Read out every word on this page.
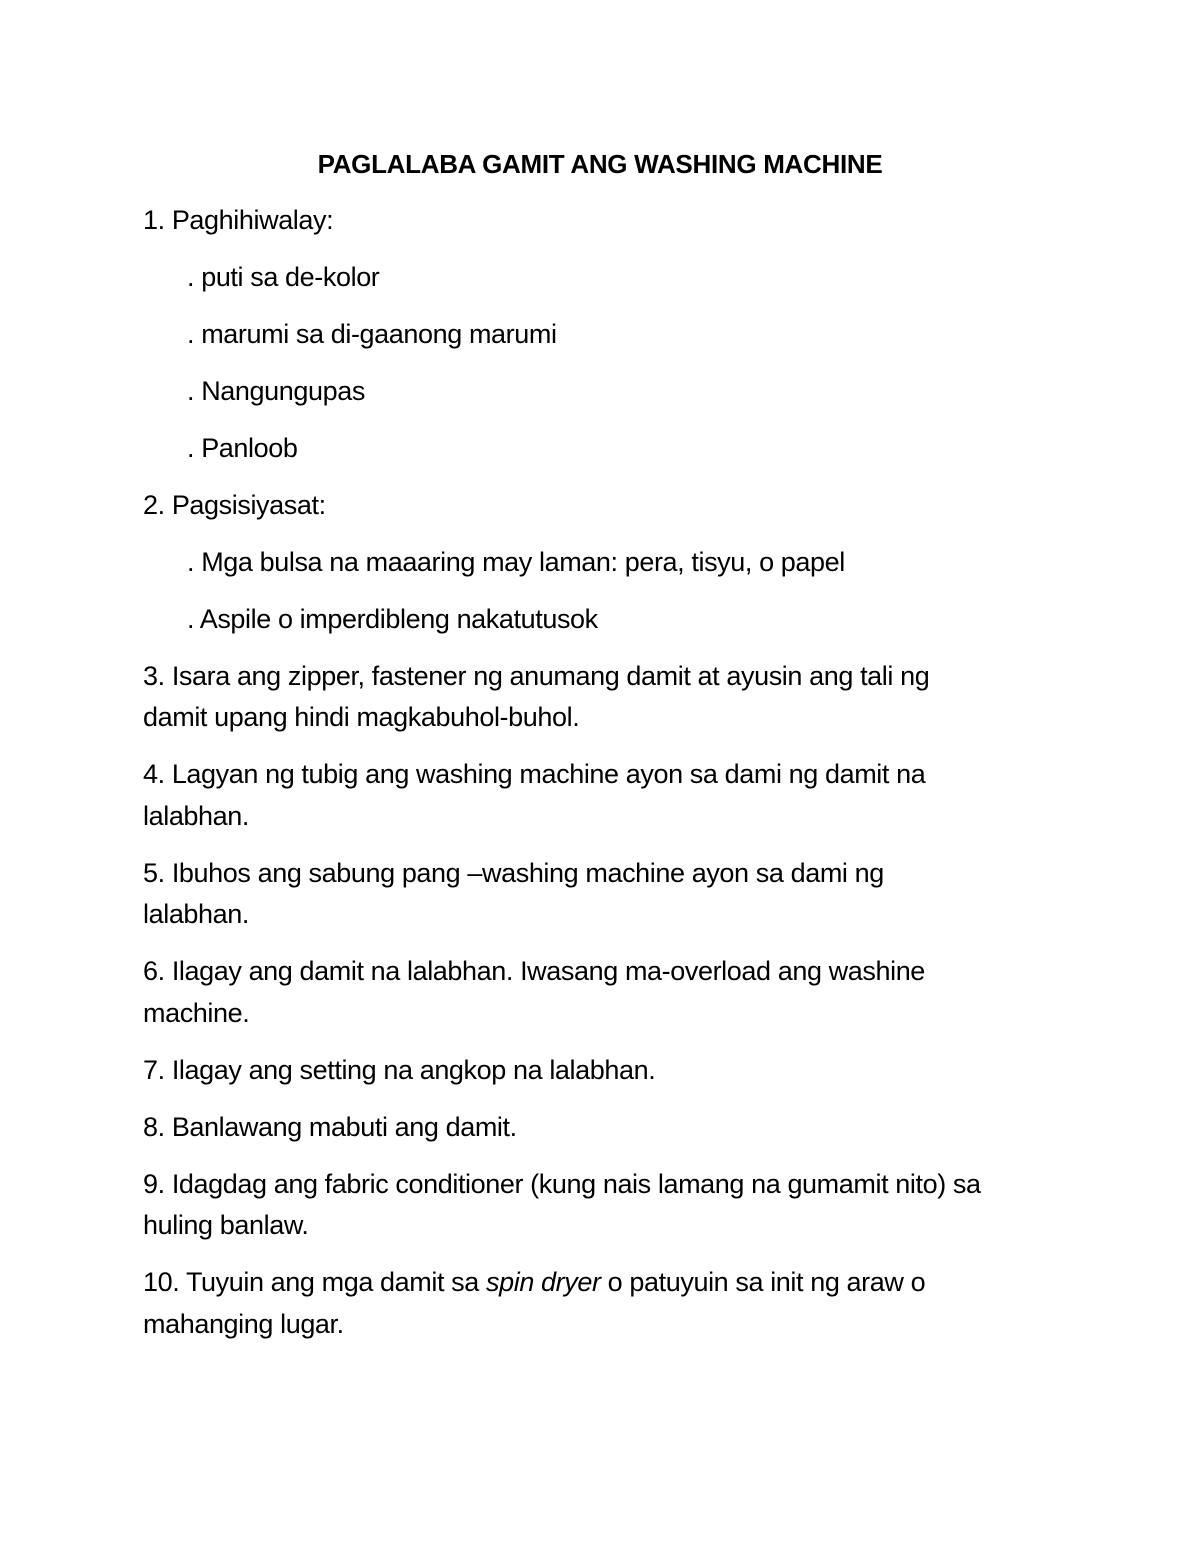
PAGLALABA GAMIT ANG WASHING MACHINE
1. Paghihiwalay:
. puti sa de-kolor
. marumi sa di-gaanong marumi
. Nangungupas
. Panloob
2. Pagsisiyasat:
. Mga bulsa na maaaring may laman: pera, tisyu, o papel
. Aspile o imperdibleng nakatutusok
3. Isara ang zipper, fastener ng anumang damit at ayusin ang tali ng
damit upang hindi magkabuhol-buhol.
4. Lagyan ng tubig ang washing machine ayon sa dami ng damit na
lalabhan.
5. Ibuhos ang sabung pang –washing machine ayon sa dami ng
lalabhan.
6. Ilagay ang damit na lalabhan. Iwasang ma-overload ang washine
machine.
7. Ilagay ang setting na angkop na lalabhan.
8. Banlawang mabuti ang damit.
9. Idagdag ang fabric conditioner (kung nais lamang na gumamit nito) sa
huling banlaw.
10. Tuyuin ang mga damit sa spin dryer o patuyuin sa init ng araw o
mahanging lugar.
